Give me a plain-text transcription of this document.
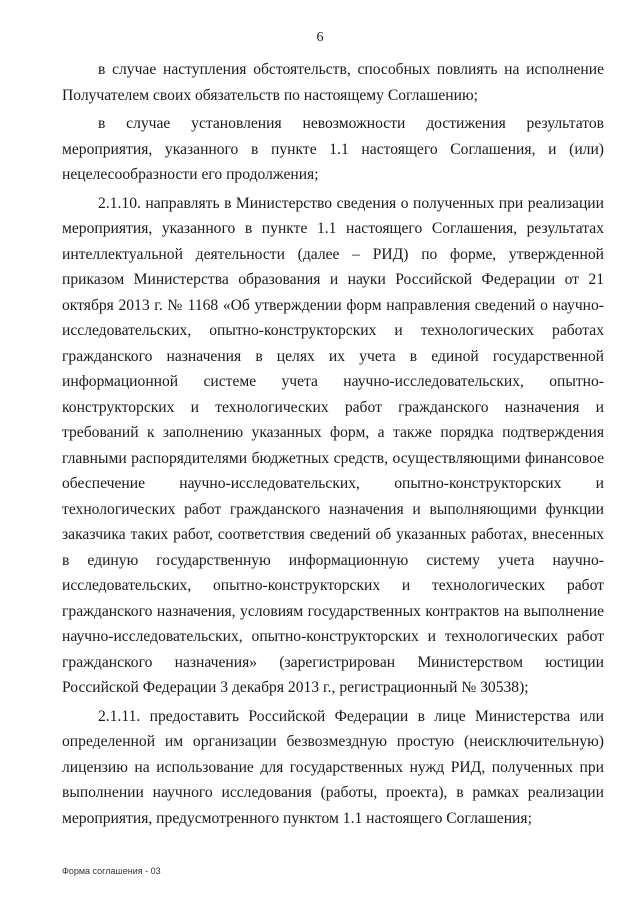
6

в случае наступления обстоятельств, способных повлиять на исполнение Получателем своих обязательств по настоящему Соглашению;

в случае установления невозможности достижения результатов мероприятия, указанного в пункте 1.1 настоящего Соглашения, и (или) нецелесообразности его продолжения;

2.1.10. направлять в Министерство сведения о полученных при реализации мероприятия, указанного в пункте 1.1 настоящего Соглашения, результатах интеллектуальной деятельности (далее – РИД) по форме, утвержденной приказом Министерства образования и науки Российской Федерации от 21 октября 2013 г. № 1168 «Об утверждении форм направления сведений о научно-исследовательских, опытно-конструкторских и технологических работах гражданского назначения в целях их учета в единой государственной информационной системе учета научно-исследовательских, опытно-конструкторских и технологических работ гражданского назначения и требований к заполнению указанных форм, а также порядка подтверждения главными распорядителями бюджетных средств, осуществляющими финансовое обеспечение научно-исследовательских, опытно-конструкторских и технологических работ гражданского назначения и выполняющими функции заказчика таких работ, соответствия сведений об указанных работах, внесенных в единую государственную информационную систему учета научно-исследовательских, опытно-конструкторских и технологических работ гражданского назначения, условиям государственных контрактов на выполнение научно-исследовательских, опытно-конструкторских и технологических работ гражданского назначения» (зарегистрирован Министерством юстиции Российской Федерации 3 декабря 2013 г., регистрационный № 30538);

2.1.11. предоставить Российской Федерации в лице Министерства или определенной им организации безвозмездную простую (неисключительную) лицензию на использование для государственных нужд РИД, полученных при выполнении научного исследования (работы, проекта), в рамках реализации мероприятия, предусмотренного пунктом 1.1 настоящего Соглашения;

Форма соглашения - 03
